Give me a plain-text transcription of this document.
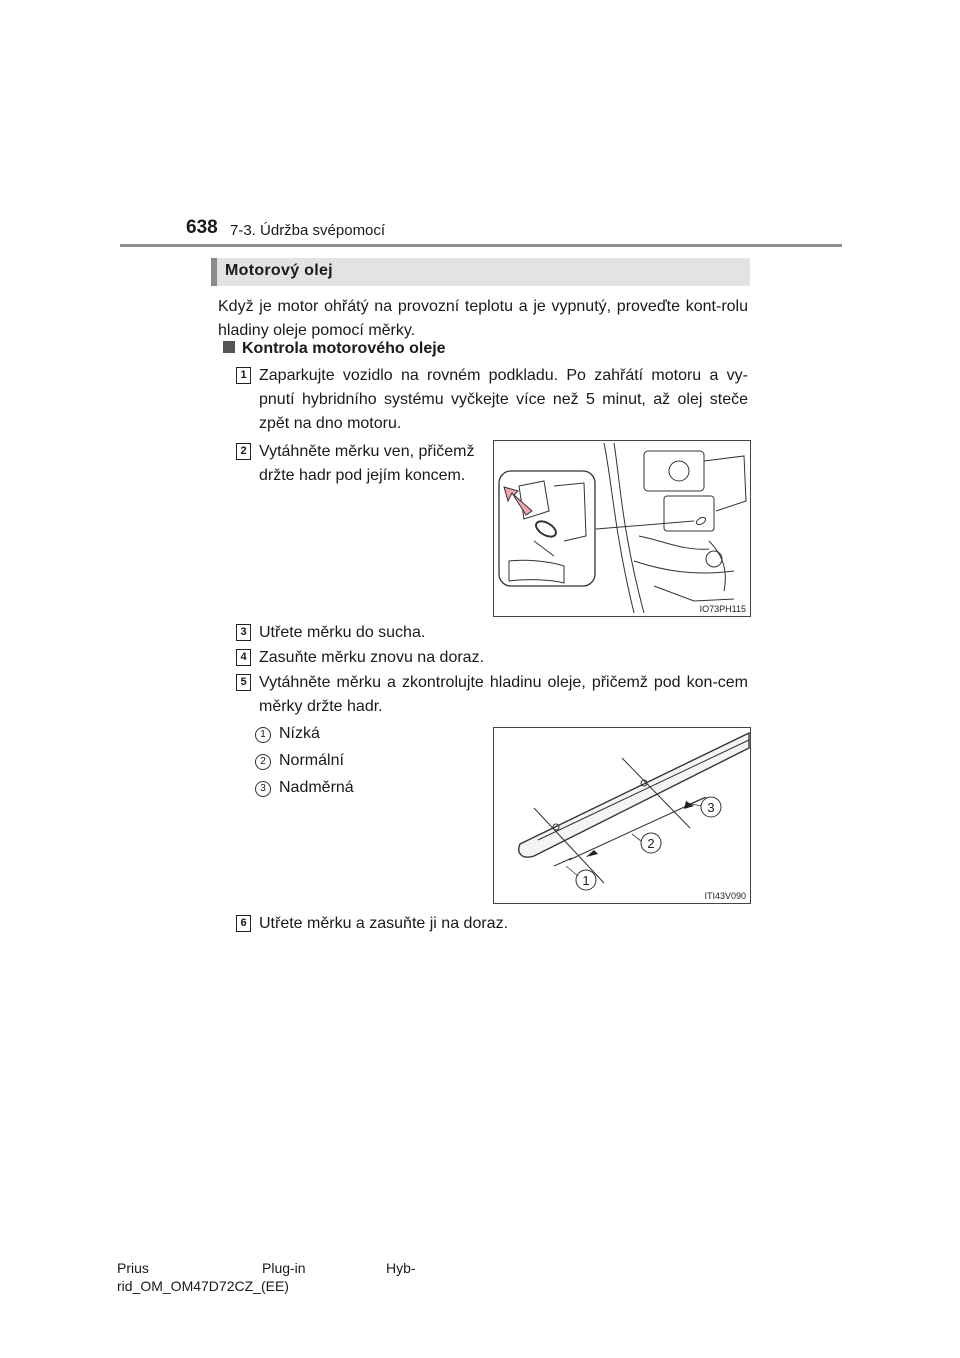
638 7-3. Údržba svépomocí
Motorový olej
Když je motor ohřátý na provozní teplotu a je vypnutý, proveďte kont-rolu hladiny oleje pomocí měrky.
Kontrola motorového oleje
1 Zaparkujte vozidlo na rovném podkladu. Po zahřátí motoru a vy-pnutí hybridního systému vyčkejte více než 5 minut, až olej steče zpět na dno motoru.
2 Vytáhněte měrku ven, přičemž držte hadr pod jejím koncem.
IO73PH115
3 Utřete měrku do sucha.
4 Zasuňte měrku znovu na doraz.
5 Vytáhněte měrku a zkontrolujte hladinu oleje, přičemž pod kon-cem měrky držte hadr.
1 Nízká
2 Normální
3 Nadměrná
1
2
3
ITI43V090
6 Utřete měrku a zasuňte ji na doraz.
Prius	Plug-in	Hyb-
rid_OM_OM47D72CZ_(EE)
